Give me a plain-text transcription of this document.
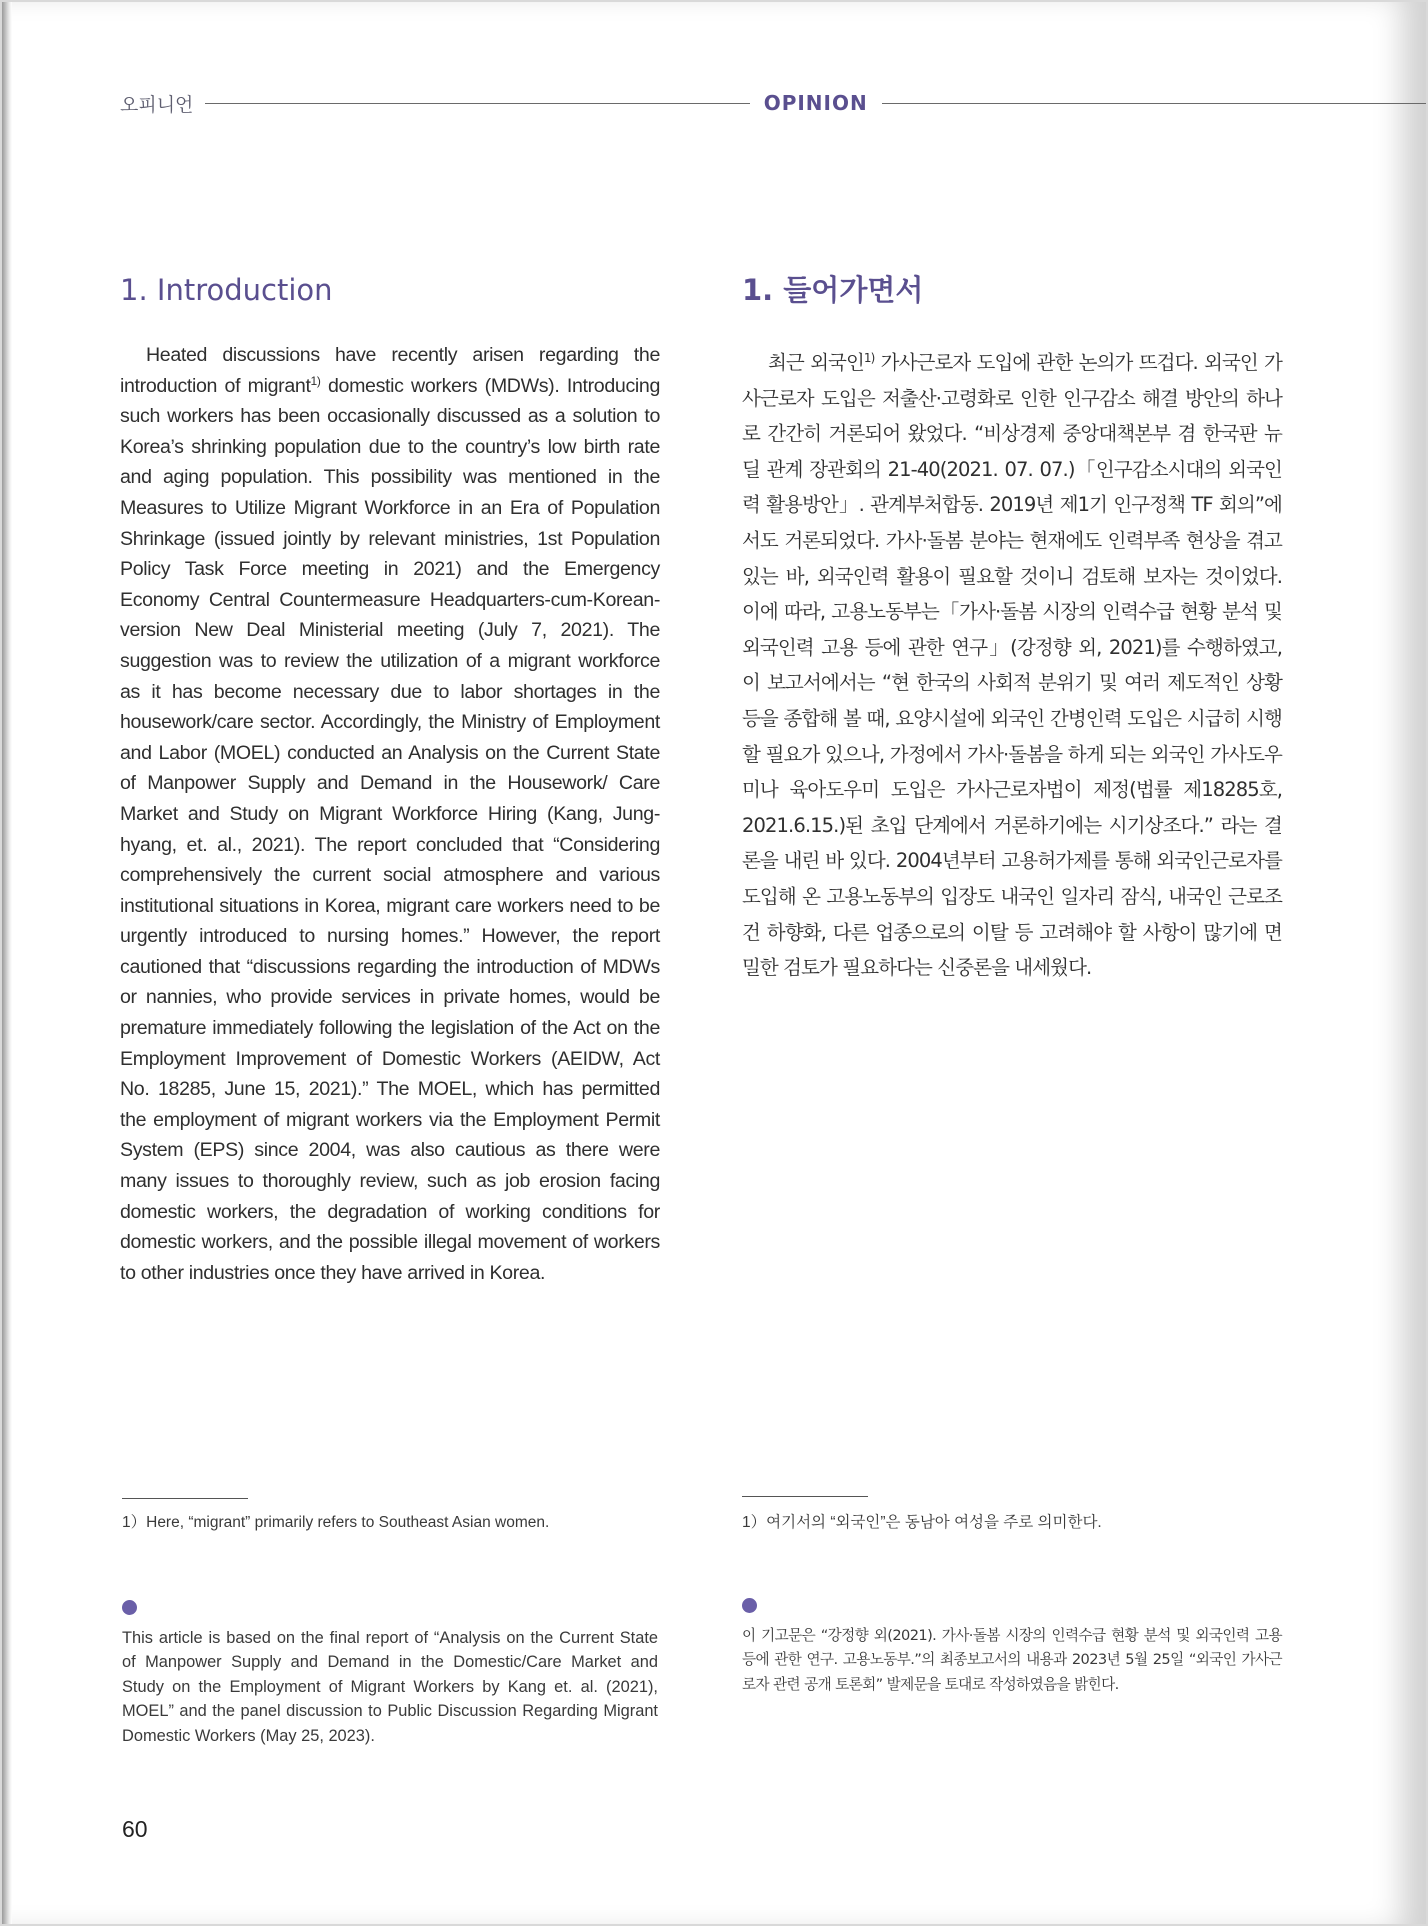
오피니언	OPINION
1. Introduction

Heated discussions have recently arisen regarding the introduction of migrant$^{1)}$ domestic workers (MDWs). Introducing such workers has been occasionally discussed as a solution to Korea’s shrinking population due to the country’s low birth rate and aging population. This possibility was mentioned in the Measures to Utilize Migrant Workforce in an Era of Population Shrinkage (issued jointly by relevant ministries, 1st Population Policy Task Force meeting in 2021) and the Emergency Economy Central Countermeasure Headquarters-cum-Korean-version New Deal Ministerial meeting (July 7, 2021). The suggestion was to review the utilization of a migrant workforce as it has become necessary due to labor shortages in the housework/care sector. Accordingly, the Ministry of Employment and Labor (MOEL) conducted an Analysis on the Current State of Manpower Supply and Demand in the Housework/ Care Market and Study on Migrant Workforce Hiring (Kang, Jung-hyang, et. al., 2021). The report concluded that “Considering comprehensively the current social atmosphere and various institutional situations in Korea, migrant care workers need to be urgently introduced to nursing homes.” However, the report cautioned that “discussions regarding the introduction of MDWs or nannies, who provide services in private homes, would be premature immediately following the legislation of the Act on the Employment Improvement of Domestic Workers (AEIDW, Act No. 18285, June 15, 2021).” The MOEL, which has permitted the employment of migrant workers via the Employment Permit System (EPS) since 2004, was also cautious as there were many issues to thoroughly review, such as job erosion facing domestic workers, the degradation of working conditions for domestic workers, and the possible illegal movement of workers to other industries once they have arrived in Korea.

1. 들어가면서

최근 외국인$^{1)}$ 가사근로자 도입에 관한 논의가 뜨겁다. 외국인 가사근로자 도입은 저출산·고령화로 인한 인구감소 해결 방안의 하나로 간간히 거론되어 왔었다. “비상경제 중앙대책본부 겸 한국판 뉴딜 관계 장관회의 21-40(2021. 07. 07.)「인구감소시대의 외국인력 활용방안」. 관계부처합동. 2019년 제1기 인구정책 TF 회의”에서도 거론되었다. 가사·돌봄 분야는 현재에도 인력부족 현상을 겪고 있는 바, 외국인력 활용이 필요할 것이니 검토해 보자는 것이었다. 이에 따라, 고용노동부는「가사·돌봄 시장의 인력수급 현황 분석 및 외국인력 고용 등에 관한 연구」(강정향 외, 2021)를 수행하였고, 이 보고서에서는 “현 한국의 사회적 분위기 및 여러 제도적인 상황 등을 종합해 볼 때, 요양시설에 외국인 간병인력 도입은 시급히 시행할 필요가 있으나, 가정에서 가사·돌봄을 하게 되는 외국인 가사도우미나 육아도우미 도입은 가사근로자법이 제정(법률 제18285호, 2021.6.15.)된 초입 단계에서 거론하기에는 시기상조다.” 라는 결론을 내린 바 있다. 2004년부터 고용허가제를 통해 외국인근로자를 도입해 온 고용노동부의 입장도 내국인 일자리 잠식, 내국인 근로조건 하향화, 다른 업종으로의 이탈 등 고려해야 할 사항이 많기에 면밀한 검토가 필요하다는 신중론을 내세웠다.

1）Here, “migrant” primarily refers to Southeast Asian women.	1）여기서의 “외국인”은 동남아 여성을 주로 의미한다.
This article is based on the final report of “Analysis on the Current State of Manpower Supply and Demand in the Domestic/Care Market and Study on the Employment of Migrant Workers by Kang et. al. (2021), MOEL” and the panel discussion to Public Discussion Regarding Migrant Domestic Workers (May 25, 2023).
이 기고문은 “강정향 외(2021). 가사·돌봄 시장의 인력수급 현황 분석 및 외국인력 고용 등에 관한 연구. 고용노동부.”의 최종보고서의 내용과 2023년 5월 25일 “외국인 가사근로자 관련 공개 토론회” 발제문을 토대로 작성하였음을 밝힌다.
60
